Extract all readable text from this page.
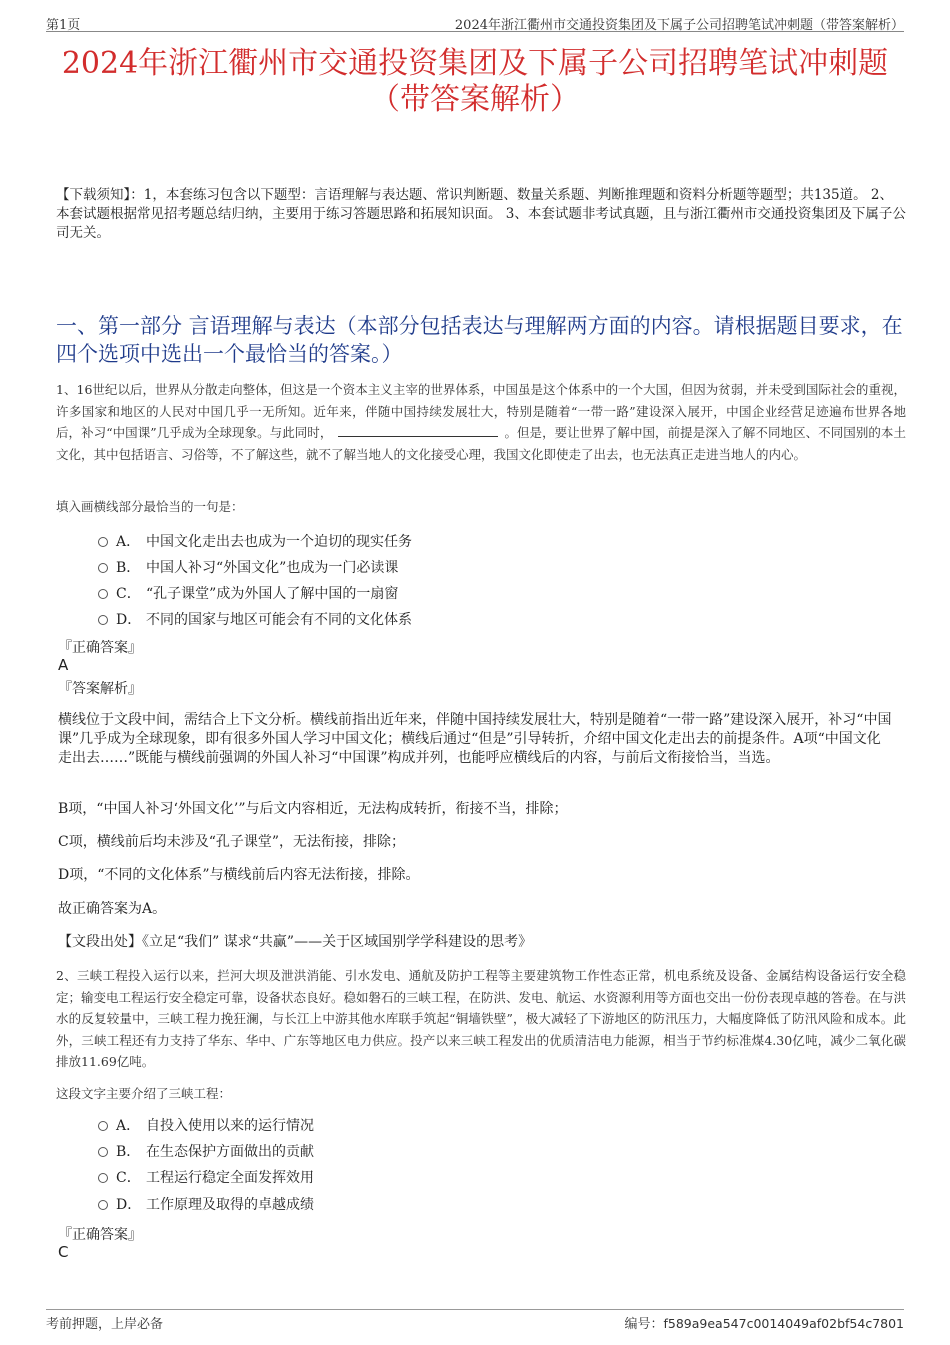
第1页	2024年浙江衢州市交通投资集团及下属子公司招聘笔试冲刺题（带答案解析）
2024年浙江衢州市交通投资集团及下属子公司招聘笔试冲刺题
（带答案解析）
【下载须知】：1，本套练习包含以下题型：言语理解与表达题、常识判断题、数量关系题、判断推理题和资料分析题等题型；共135道。 2、本套试题根据常见招考题总结归纳，主要用于练习答题思路和拓展知识面。 3、本套试题非考试真题，且与浙江衢州市交通投资集团及下属子公司无关。
一、第一部分 言语理解与表达（本部分包括表达与理解两方面的内容。请根据题目要求，在四个选项中选出一个最恰当的答案。）
1、16世纪以后，世界从分散走向整体，但这是一个资本主义主宰的世界体系，中国虽是这个体系中的一个大国，但因为贫弱，并未受到国际社会的重视，许多国家和地区的人民对中国几乎一无所知。近年来，伴随中国持续发展壮大，特别是随着“一带一路”建设深入展开，中国企业经营足迹遍布世界各地后，补习“中国课”几乎成为全球现象。与此同时，	。但是，要让世界了解中国，前提是深入了解不同地区、不同国别的本土文化，其中包括语言、习俗等，不了解这些，就不了解当地人的文化接受心理，我国文化即使走了出去，也无法真正走进当地人的内心。
填入画横线部分最恰当的一句是：
A． 中国文化走出去也成为一个迫切的现实任务
B． 中国人补习“外国文化”也成为一门必读课
C． “孔子课堂”成为外国人了解中国的一扇窗
D． 不同的国家与地区可能会有不同的文化体系
『正确答案』
A
『答案解析』
横线位于文段中间，需结合上下文分析。横线前指出近年来，伴随中国持续发展壮大，特别是随着“一带一路”建设深入展开，补习“中国课”几乎成为全球现象，即有很多外国人学习中国文化；横线后通过“但是”引导转折，介绍中国文化走出去的前提条件。A项“中国文化走出去……”既能与横线前强调的外国人补习“中国课”构成并列，也能呼应横线后的内容，与前后文衔接恰当，当选。
B项，“中国人补习‘外国文化’”与后文内容相近，无法构成转折，衔接不当，排除；
C项，横线前后均未涉及“孔子课堂”，无法衔接，排除；
D项，“不同的文化体系”与横线前后内容无法衔接，排除。
故正确答案为A。
【文段出处】《立足“我们” 谋求“共赢”——关于区域国别学学科建设的思考》
2、三峡工程投入运行以来，拦河大坝及泄洪消能、引水发电、通航及防护工程等主要建筑物工作性态正常，机电系统及设备、金属结构设备运行安全稳定；输变电工程运行安全稳定可靠，设备状态良好。稳如磐石的三峡工程，在防洪、发电、航运、水资源利用等方面也交出一份份表现卓越的答卷。在与洪水的反复较量中，三峡工程力挽狂澜，与长江上中游其他水库联手筑起“铜墙铁壁”，极大减轻了下游地区的防汛压力，大幅度降低了防汛风险和成本。此外，三峡工程还有力支持了华东、华中、广东等地区电力供应。投产以来三峡工程发出的优质清洁电力能源，相当于节约标准煤4.30亿吨，减少二氧化碳排放11.69亿吨。
这段文字主要介绍了三峡工程：
A． 自投入使用以来的运行情况
B． 在生态保护方面做出的贡献
C． 工程运行稳定全面发挥效用
D． 工作原理及取得的卓越成绩
『正确答案』
C
考前押题，上岸必备	编号：f589a9ea547c0014049af02bf54c7801
